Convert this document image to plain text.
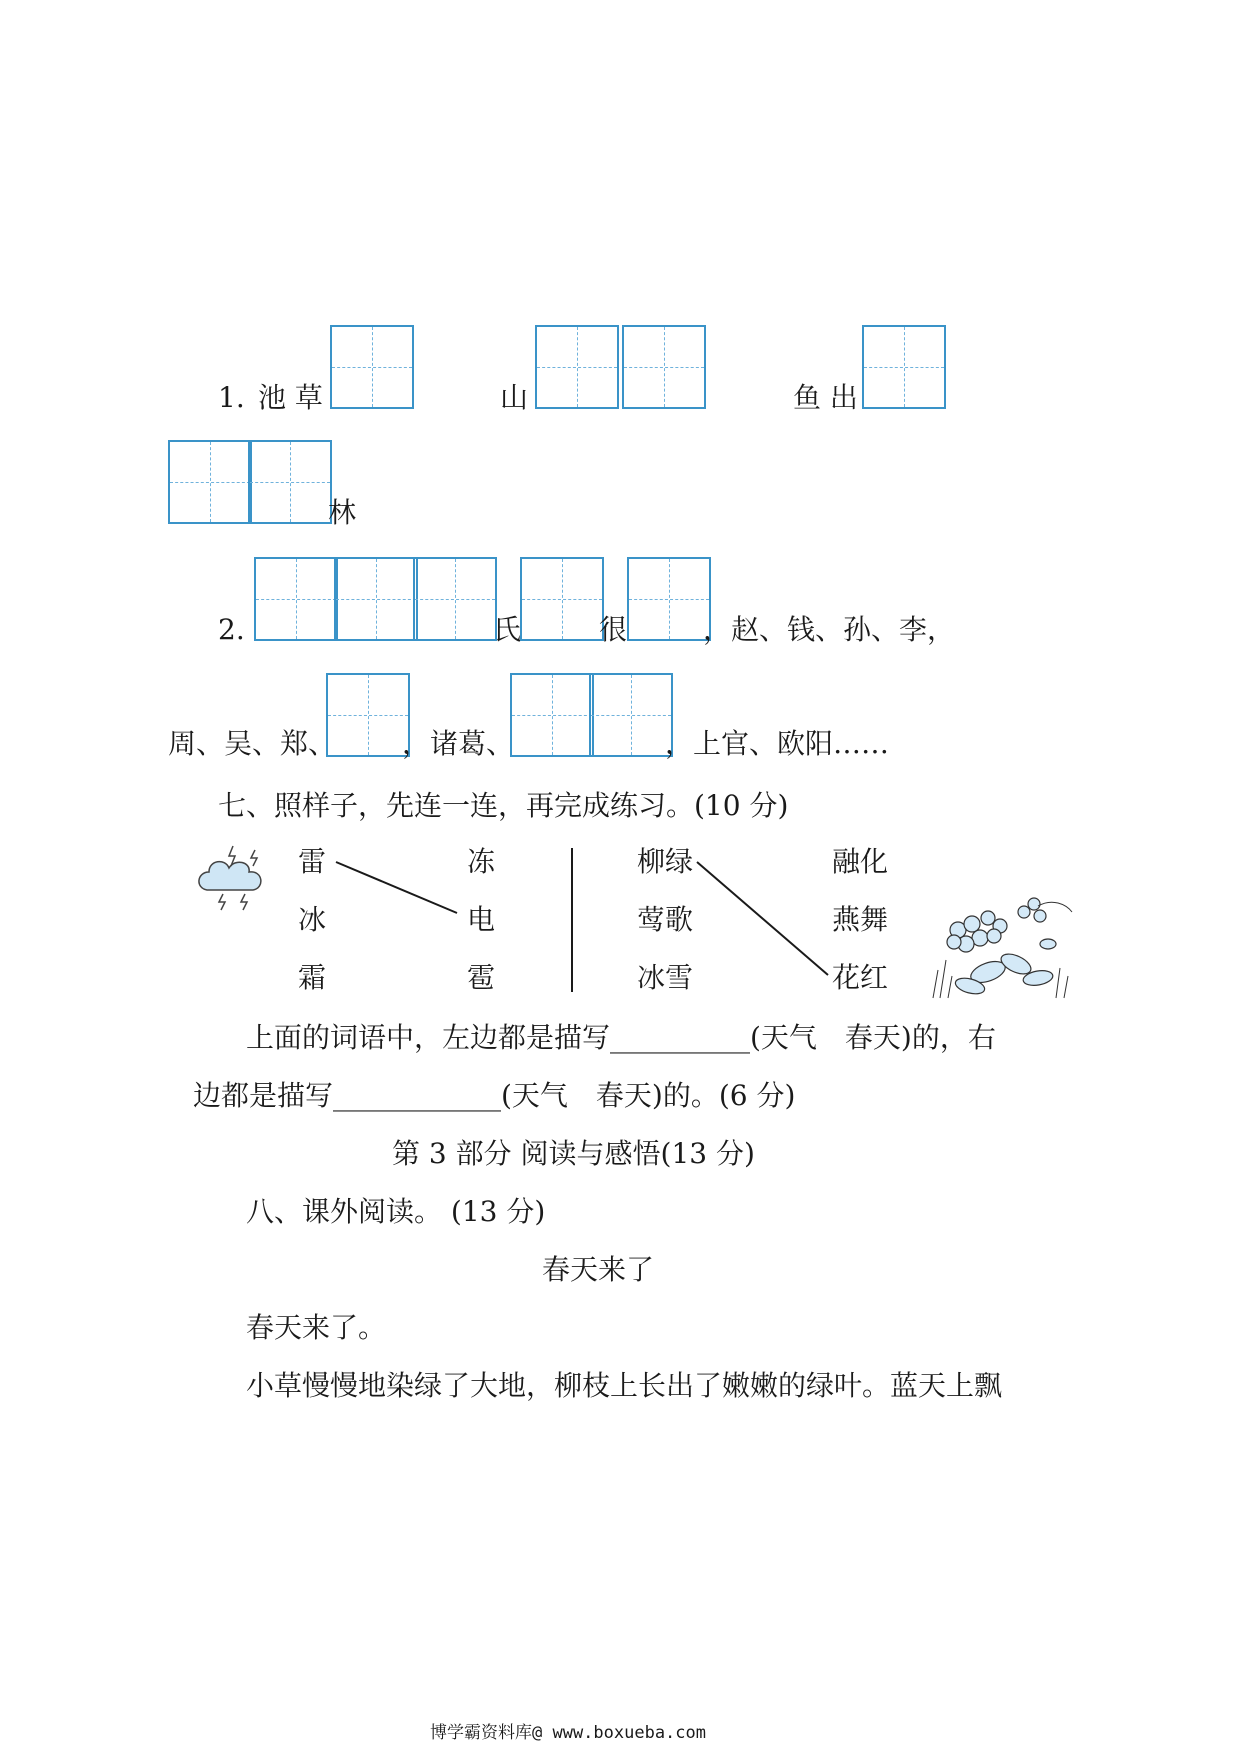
1. 池 草	山	鱼 出
林
2.	氏	很	，赵、钱、孙、李，
周、吴、郑、 ，诸葛、	，上官、欧阳……
七、照样子，先连一连，再完成练习。(10 分)
雷
冰
霜
冻
电
雹
柳绿
莺歌
冰雪
融化
燕舞
花红
上面的词语中，左边都是描写__________(天气　春天)的，右
边都是描写____________(天气　春天)的。(6 分)
第 3 部分 阅读与感悟(13 分)
八、课外阅读。 (13 分)
春天来了
春天来了。
小草慢慢地染绿了大地，柳枝上长出了嫩嫩的绿叶。蓝天上飘
博学霸资料库@ www.boxueba.com
